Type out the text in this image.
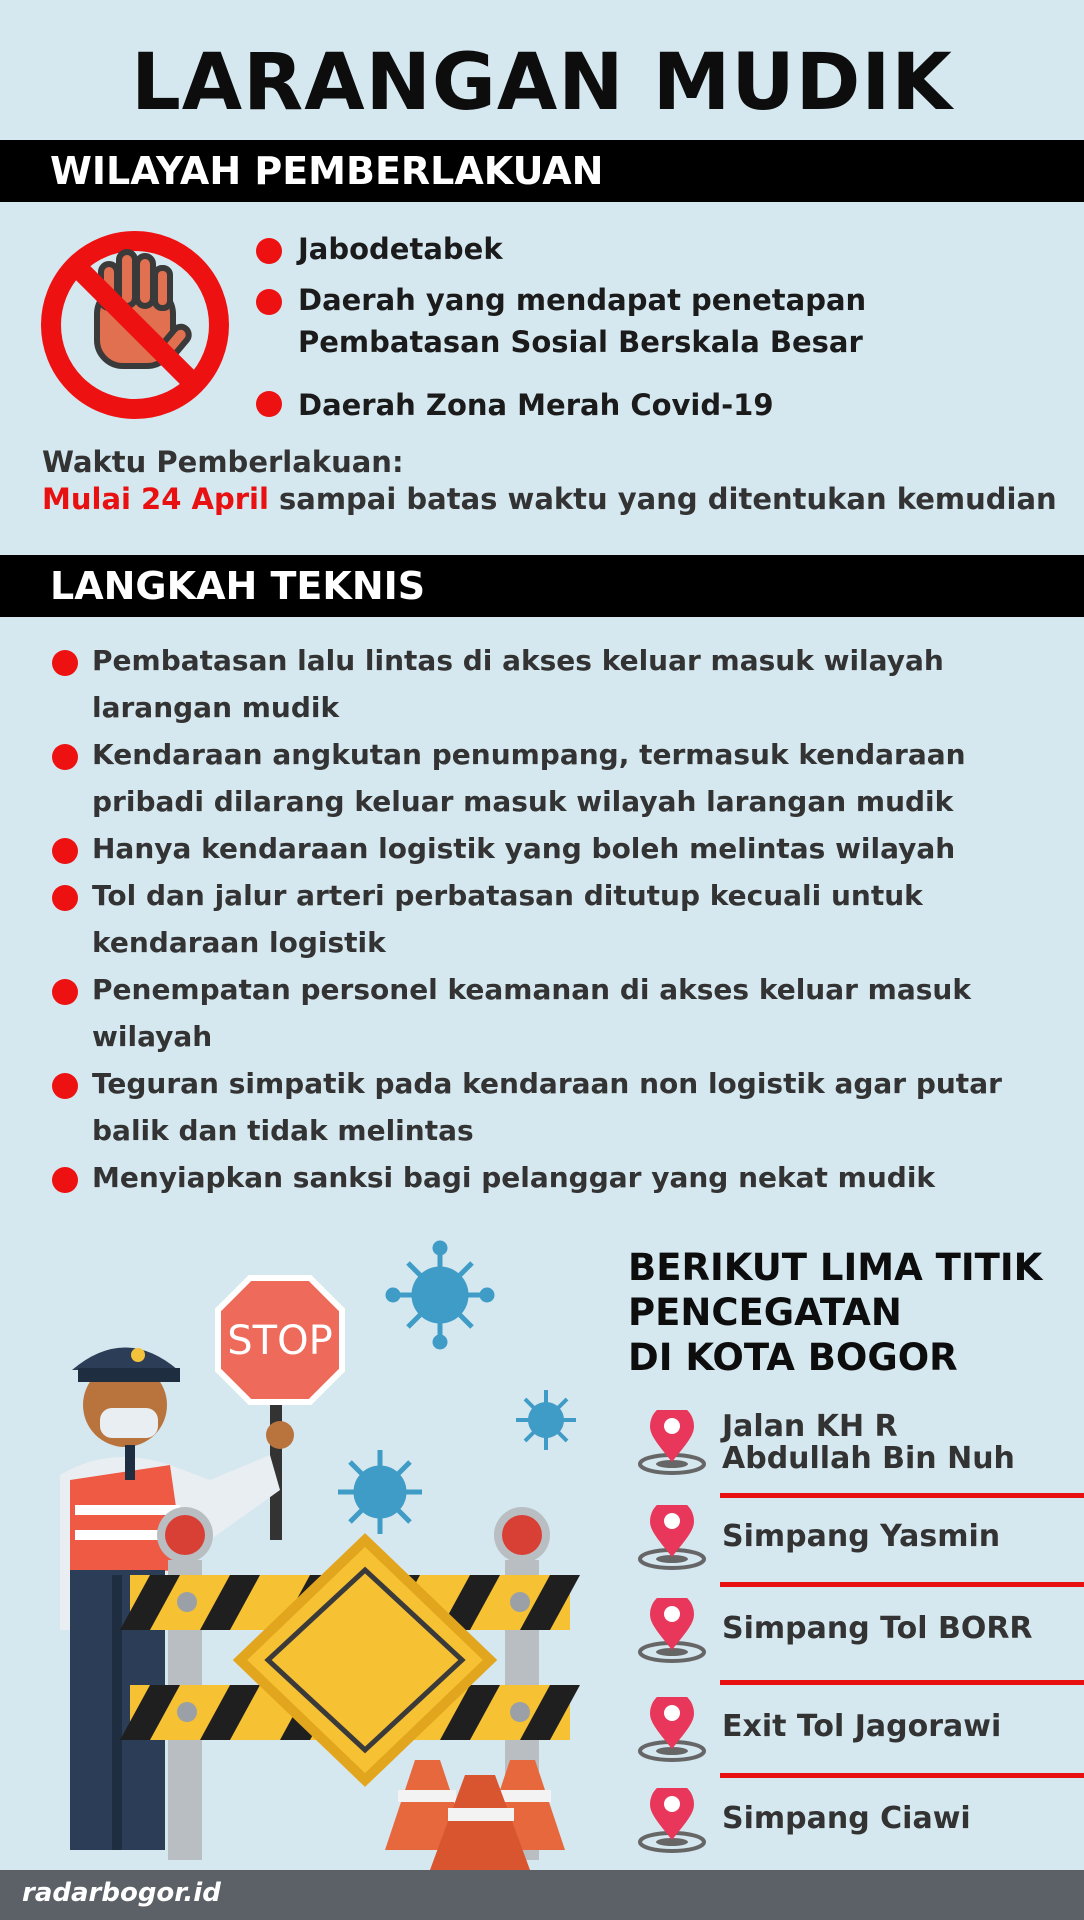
LARANGAN MUDIK
WILAYAH PEMBERLAKUAN
Jabodetabek
Daerah yang mendapat penetapan
Pembatasan Sosial Berskala Besar
Daerah Zona Merah Covid-19
Waktu Pemberlakuan:
Mulai 24 April sampai batas waktu yang ditentukan kemudian
LANGKAH TEKNIS
Pembatasan lalu lintas di akses keluar masuk wilayah
larangan mudik
Kendaraan angkutan penumpang, termasuk kendaraan
pribadi dilarang keluar masuk wilayah larangan mudik
Hanya kendaraan logistik yang boleh melintas wilayah
Tol dan jalur arteri perbatasan ditutup kecuali untuk
kendaraan logistik
Penempatan personel keamanan di akses keluar masuk
wilayah
Teguran simpatik pada kendaraan non logistik agar putar
balik dan tidak melintas
Menyiapkan sanksi bagi pelanggar yang nekat mudik
STOP
BERIKUT LIMA TITIK
PENCEGATAN
DI KOTA BOGOR
Jalan KH R
Abdullah Bin Nuh
Simpang Yasmin
Simpang Tol BORR
Exit Tol Jagorawi
Simpang Ciawi
radarbogor.id
